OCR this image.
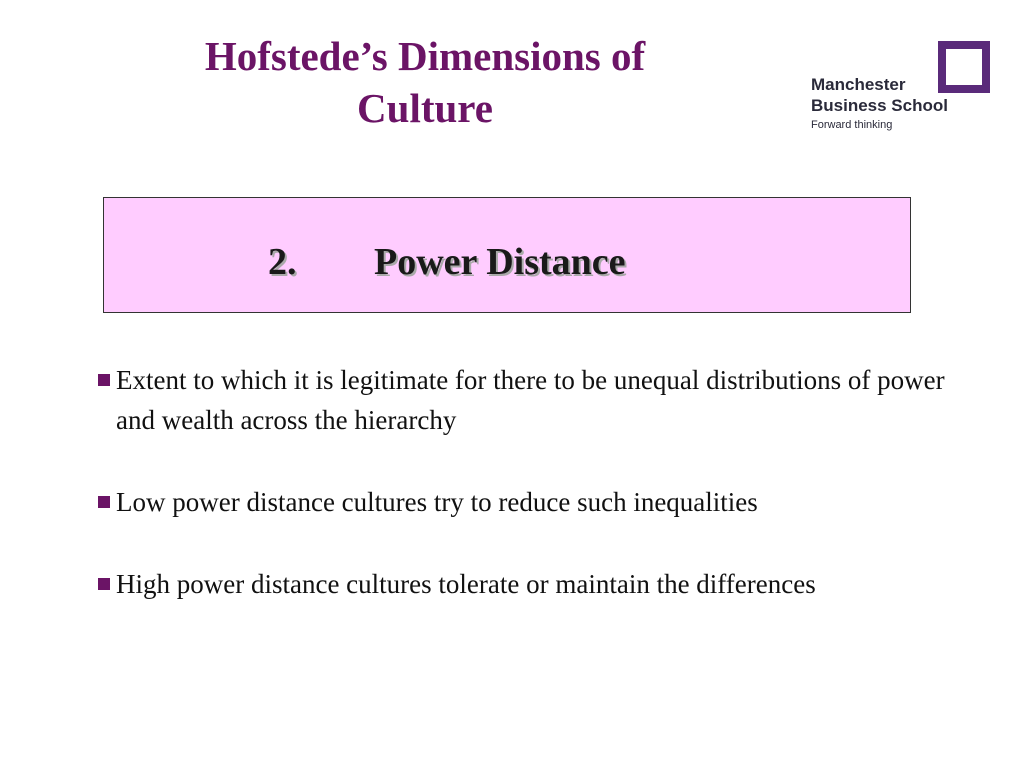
Hofstede’s Dimensions of
Culture
Manchester
Business School
Forward thinking
2. Power Distance
Extent to which it is legitimate for there to be unequal distributions of power and wealth across the hierarchy
Low power distance cultures try to reduce such inequalities
High power distance cultures tolerate or maintain the differences
